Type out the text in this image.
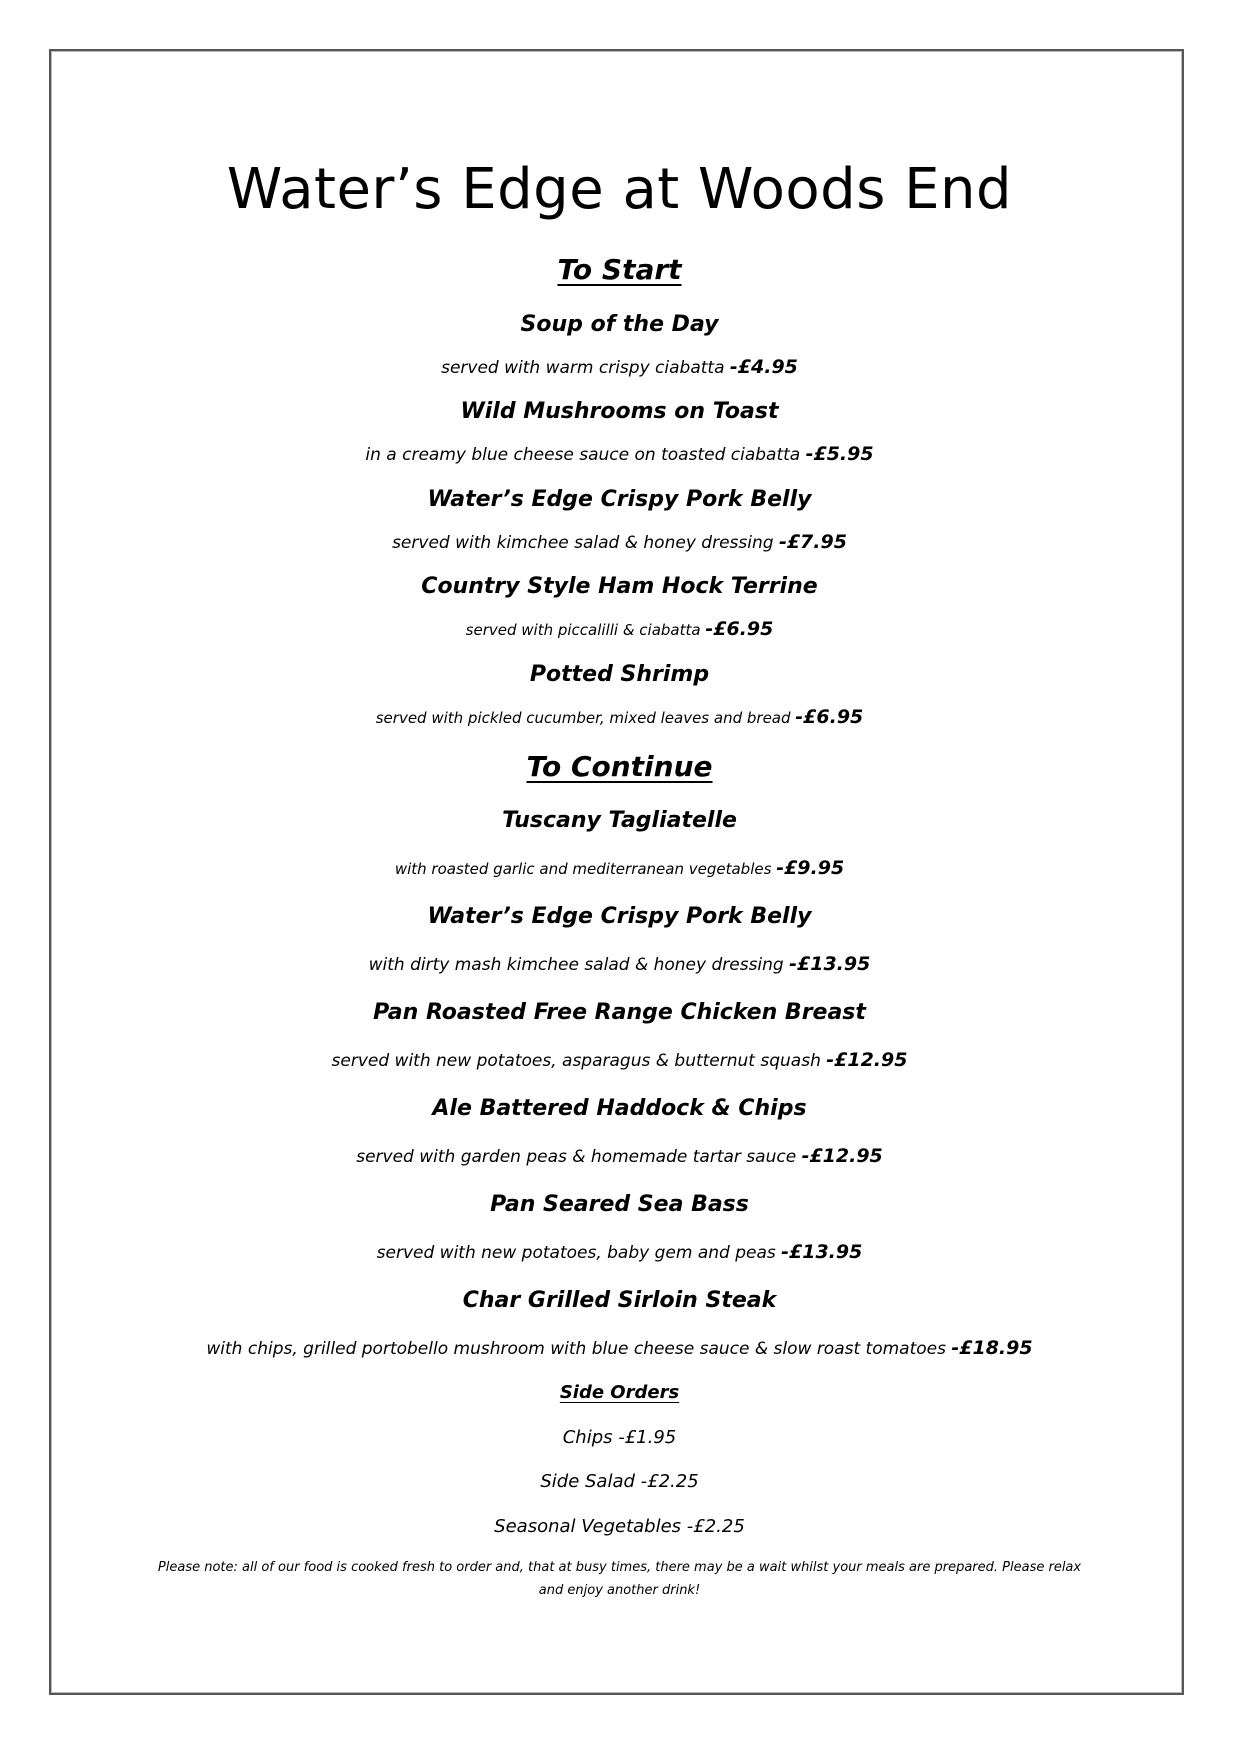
Water’s Edge at Woods End
To Start
Soup of the Day
served with warm crispy ciabatta -£4.95
Wild Mushrooms on Toast
in a creamy blue cheese sauce on toasted ciabatta -£5.95
Water’s Edge Crispy Pork Belly
served with kimchee salad & honey dressing -£7.95
Country Style Ham Hock Terrine
served with piccalilli & ciabatta -£6.95
Potted Shrimp
served with pickled cucumber, mixed leaves and bread -£6.95
To Continue
Tuscany Tagliatelle
with roasted garlic and mediterranean vegetables -£9.95
Water’s Edge Crispy Pork Belly
with dirty mash kimchee salad & honey dressing -£13.95
Pan Roasted Free Range Chicken Breast
served with new potatoes, asparagus & butternut squash -£12.95
Ale Battered Haddock & Chips
served with garden peas & homemade tartar sauce -£12.95
Pan Seared Sea Bass
served with new potatoes, baby gem and peas -£13.95
Char Grilled Sirloin Steak
with chips, grilled portobello mushroom with blue cheese sauce & slow roast tomatoes -£18.95
Side Orders
Chips -£1.95
Side Salad -£2.25
Seasonal Vegetables -£2.25
Please note: all of our food is cooked fresh to order and, that at busy times, there may be a wait whilst your meals are prepared. Please relax and enjoy another drink!
